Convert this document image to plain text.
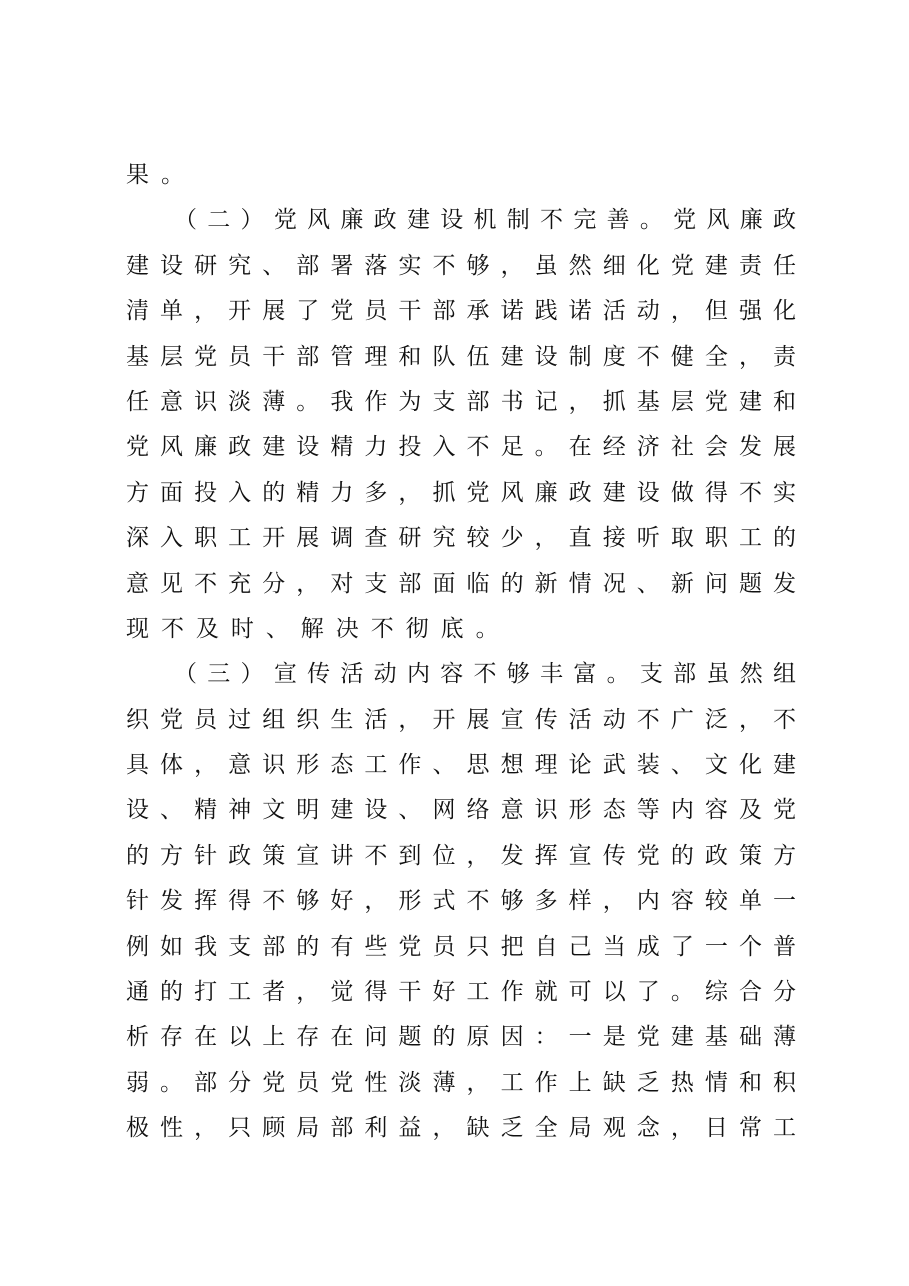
果。
（二）党风廉政建设机制不完善。党风廉政
建设研究、部署落实不够，虽然细化党建责任
清单，开展了党员干部承诺践诺活动，但强化
基层党员干部管理和队伍建设制度不健全，责
任意识淡薄。我作为支部书记，抓基层党建和
党风廉政建设精力投入不足。在经济社会发展
方面投入的精力多，抓党风廉政建设做得不实
深入职工开展调查研究较少，直接听取职工的
意见不充分，对支部面临的新情况、新问题发
现不及时、解决不彻底。
（三）宣传活动内容不够丰富。支部虽然组
织党员过组织生活，开展宣传活动不广泛，不
具体，意识形态工作、思想理论武装、文化建
设、精神文明建设、网络意识形态等内容及党
的方针政策宣讲不到位，发挥宣传党的政策方
针发挥得不够好，形式不够多样，内容较单一
例如我支部的有些党员只把自己当成了一个普
通的打工者，觉得干好工作就可以了。综合分
析存在以上存在问题的原因：一是党建基础薄
弱。部分党员党性淡薄，工作上缺乏热情和积
极性，只顾局部利益，缺乏全局观念，日常工
